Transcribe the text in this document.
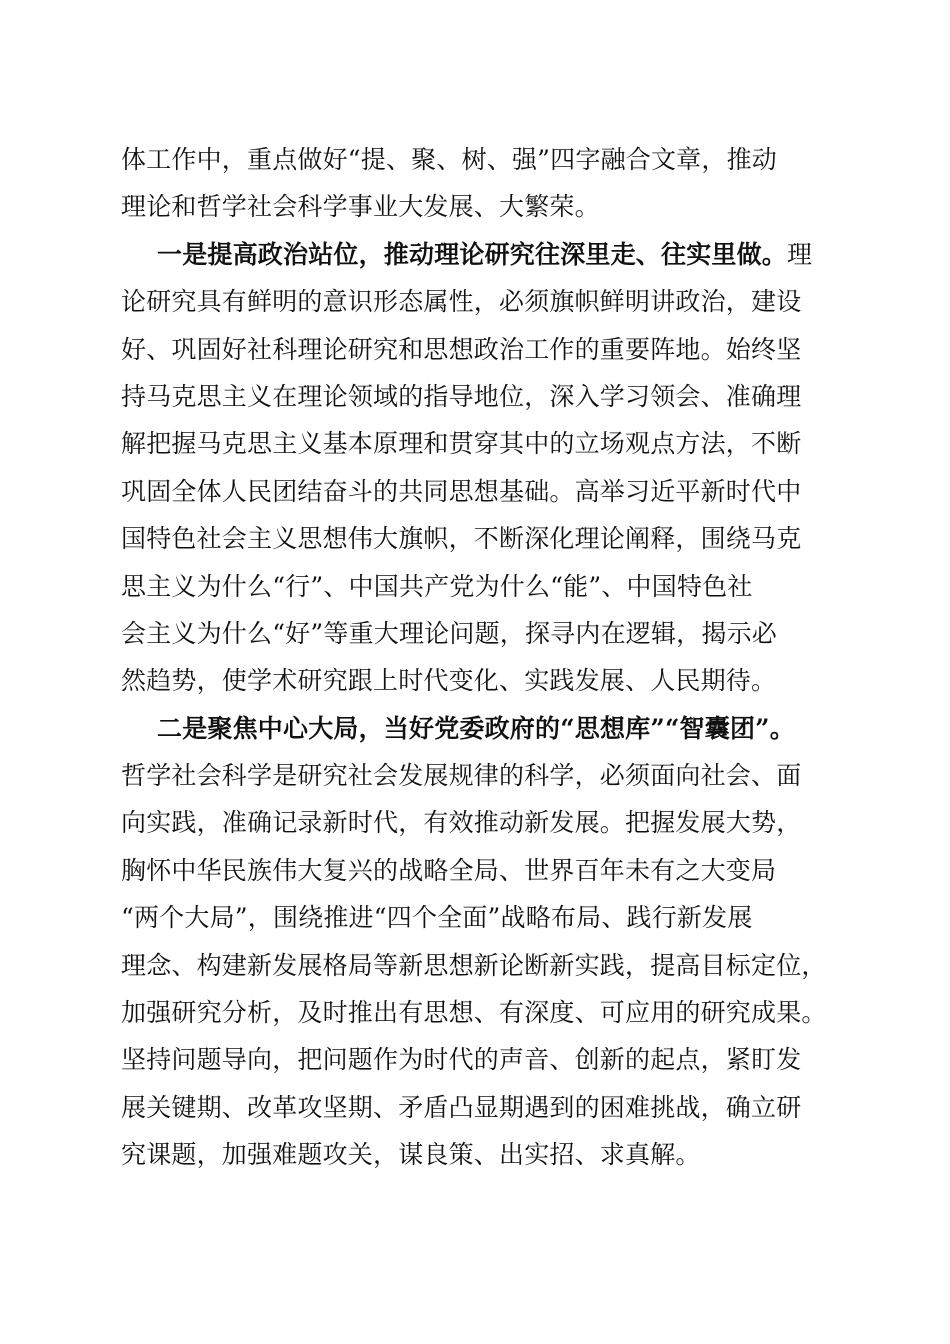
体工作中，重点做好“提、聚、树、强”四字融合文章，推动
理论和哲学社会科学事业大发展、大繁荣。
一是提高政治站位，推动理论研究往深里走、往实里做。理
论研究具有鲜明的意识形态属性，必须旗帜鲜明讲政治，建设
好、巩固好社科理论研究和思想政治工作的重要阵地。始终坚
持马克思主义在理论领域的指导地位，深入学习领会、准确理
解把握马克思主义基本原理和贯穿其中的立场观点方法，不断
巩固全体人民团结奋斗的共同思想基础。高举习近平新时代中
国特色社会主义思想伟大旗帜，不断深化理论阐释，围绕马克
思主义为什么“行”、中国共产党为什么“能”、中国特色社
会主义为什么“好”等重大理论问题，探寻内在逻辑，揭示必
然趋势，使学术研究跟上时代变化、实践发展、人民期待。
二是聚焦中心大局，当好党委政府的“思想库”“智囊团”。
哲学社会科学是研究社会发展规律的科学，必须面向社会、面
向实践，准确记录新时代，有效推动新发展。把握发展大势，
胸怀中华民族伟大复兴的战略全局、世界百年未有之大变局
“两个大局”，围绕推进“四个全面”战略布局、践行新发展
理念、构建新发展格局等新思想新论断新实践，提高目标定位，
加强研究分析，及时推出有思想、有深度、可应用的研究成果。
坚持问题导向，把问题作为时代的声音、创新的起点，紧盯发
展关键期、改革攻坚期、矛盾凸显期遇到的困难挑战，确立研
究课题，加强难题攻关，谋良策、出实招、求真解。
